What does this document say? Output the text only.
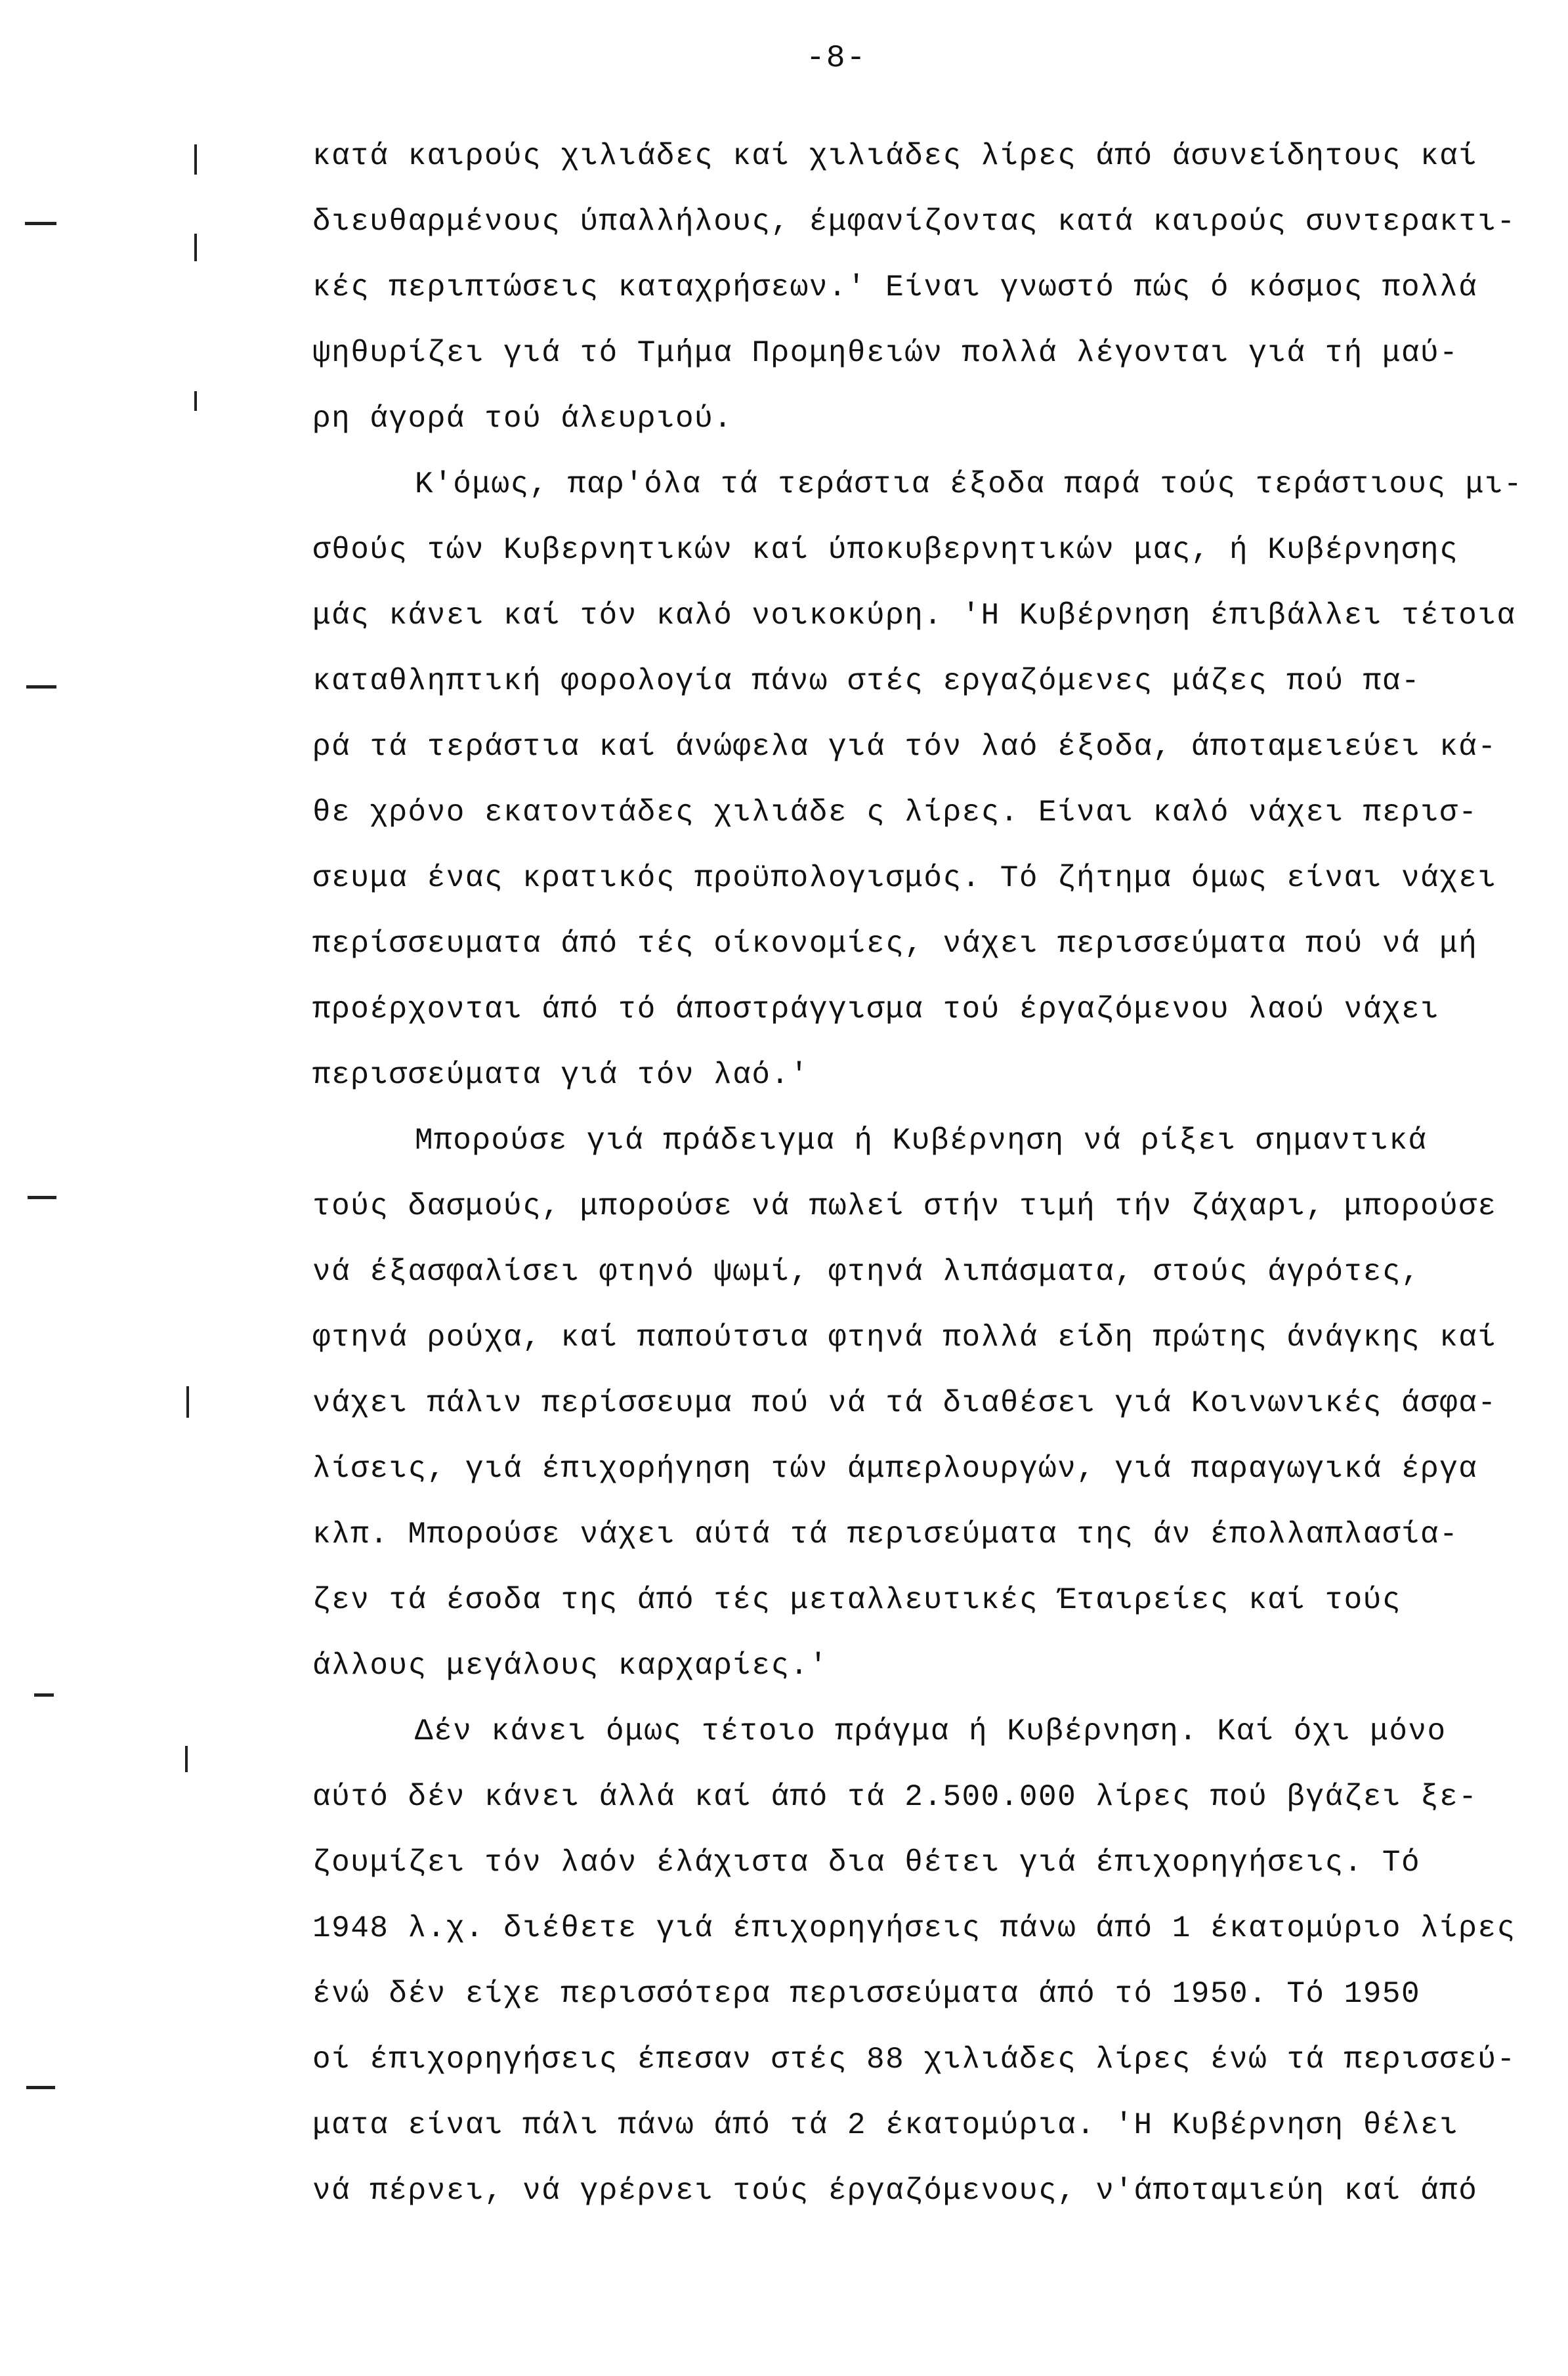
-8-
κατά καιρούς χιλιάδες καί χιλιάδες λίρες άπό άσυνείδητους καί
διευθαρμένους ύπαλλήλους, έμφανίζοντας κατά καιρούς συντερακτι-
κές περιπτώσεις καταχρήσεων.' Είναι γνωστό πώς ό κόσμος πολλά
ψηθυρίζει γιά τό Τμήμα Προμηθειών πολλά λέγονται γιά τή μαύ-
ρη άγορά τού άλευριού.
Κ'όμως, παρ'όλα τά τεράστια έξοδα παρά τούς τεράστιους μι-
σθούς τών Κυβερνητικών καί ύποκυβερνητικών μας, ή Κυβέρνησης
μάς κάνει καί τόν καλό νοικοκύρη. 'Η Κυβέρνηση έπιβάλλει τέτοια
καταθληπτική φορολογία πάνω στές εργαζόμενες μάζες πού πα-
ρά τά τεράστια καί άνώφελα γιά τόν λαό έξοδα, άποταμειεύει κά-
θε χρόνο εκατοντάδες χιλιάδε ς λίρες. Είναι καλό νάχει περισ-
σευμα ένας κρατικός προϋπολογισμός. Τό ζήτημα όμως είναι νάχει
περίσσευματα άπό τές οίκονομίες, νάχει περισσεύματα πού νά μή
προέρχονται άπό τό άποστράγγισμα τού έργαζόμενου λαού νάχει
περισσεύματα γιά τόν λαό.'
Μπορούσε γιά πράδειγμα ή Κυβέρνηση νά ρίξει σημαντικά
τούς δασμούς, μπορούσε νά πωλεί στήν τιμή τήν ζάχαρι, μπορούσε
νά έξασφαλίσει φτηνό ψωμί, φτηνά λιπάσματα, στούς άγρότες,
φτηνά ρούχα, καί παπούτσια φτηνά πολλά είδη πρώτης άνάγκης καί
νάχει πάλιν περίσσευμα πού νά τά διαθέσει γιά Κοινωνικές άσφα-
λίσεις, γιά έπιχορήγηση τών άμπερλουργών, γιά παραγωγικά έργα
κλπ. Μπορούσε νάχει αύτά τά περισεύματα της άν έπολλαπλασία-
ζεν τά έσοδα της άπό τές μεταλλευτικές Έταιρείες καί τούς
άλλους μεγάλους καρχαρίες.'
Δέν κάνει όμως τέτοιο πράγμα ή Κυβέρνηση. Καί όχι μόνο
αύτό δέν κάνει άλλά καί άπό τά 2.500.000 λίρες πού βγάζει ξε-
ζουμίζει τόν λαόν έλάχιστα δια θέτει γιά έπιχορηγήσεις. Τό
1948 λ.χ. διέθετε γιά έπιχορηγήσεις πάνω άπό 1 έκατομύριο λίρες
ένώ δέν είχε περισσότερα περισσεύματα άπό τό 1950. Τό 1950
οί έπιχορηγήσεις έπεσαν στές 88 χιλιάδες λίρες ένώ τά περισσεύ-
ματα είναι πάλι πάνω άπό τά 2 έκατομύρια. 'Η Κυβέρνηση θέλει
νά πέρνει, νά γρέρνει τούς έργαζόμενους, ν'άποταμιεύη καί άπό
